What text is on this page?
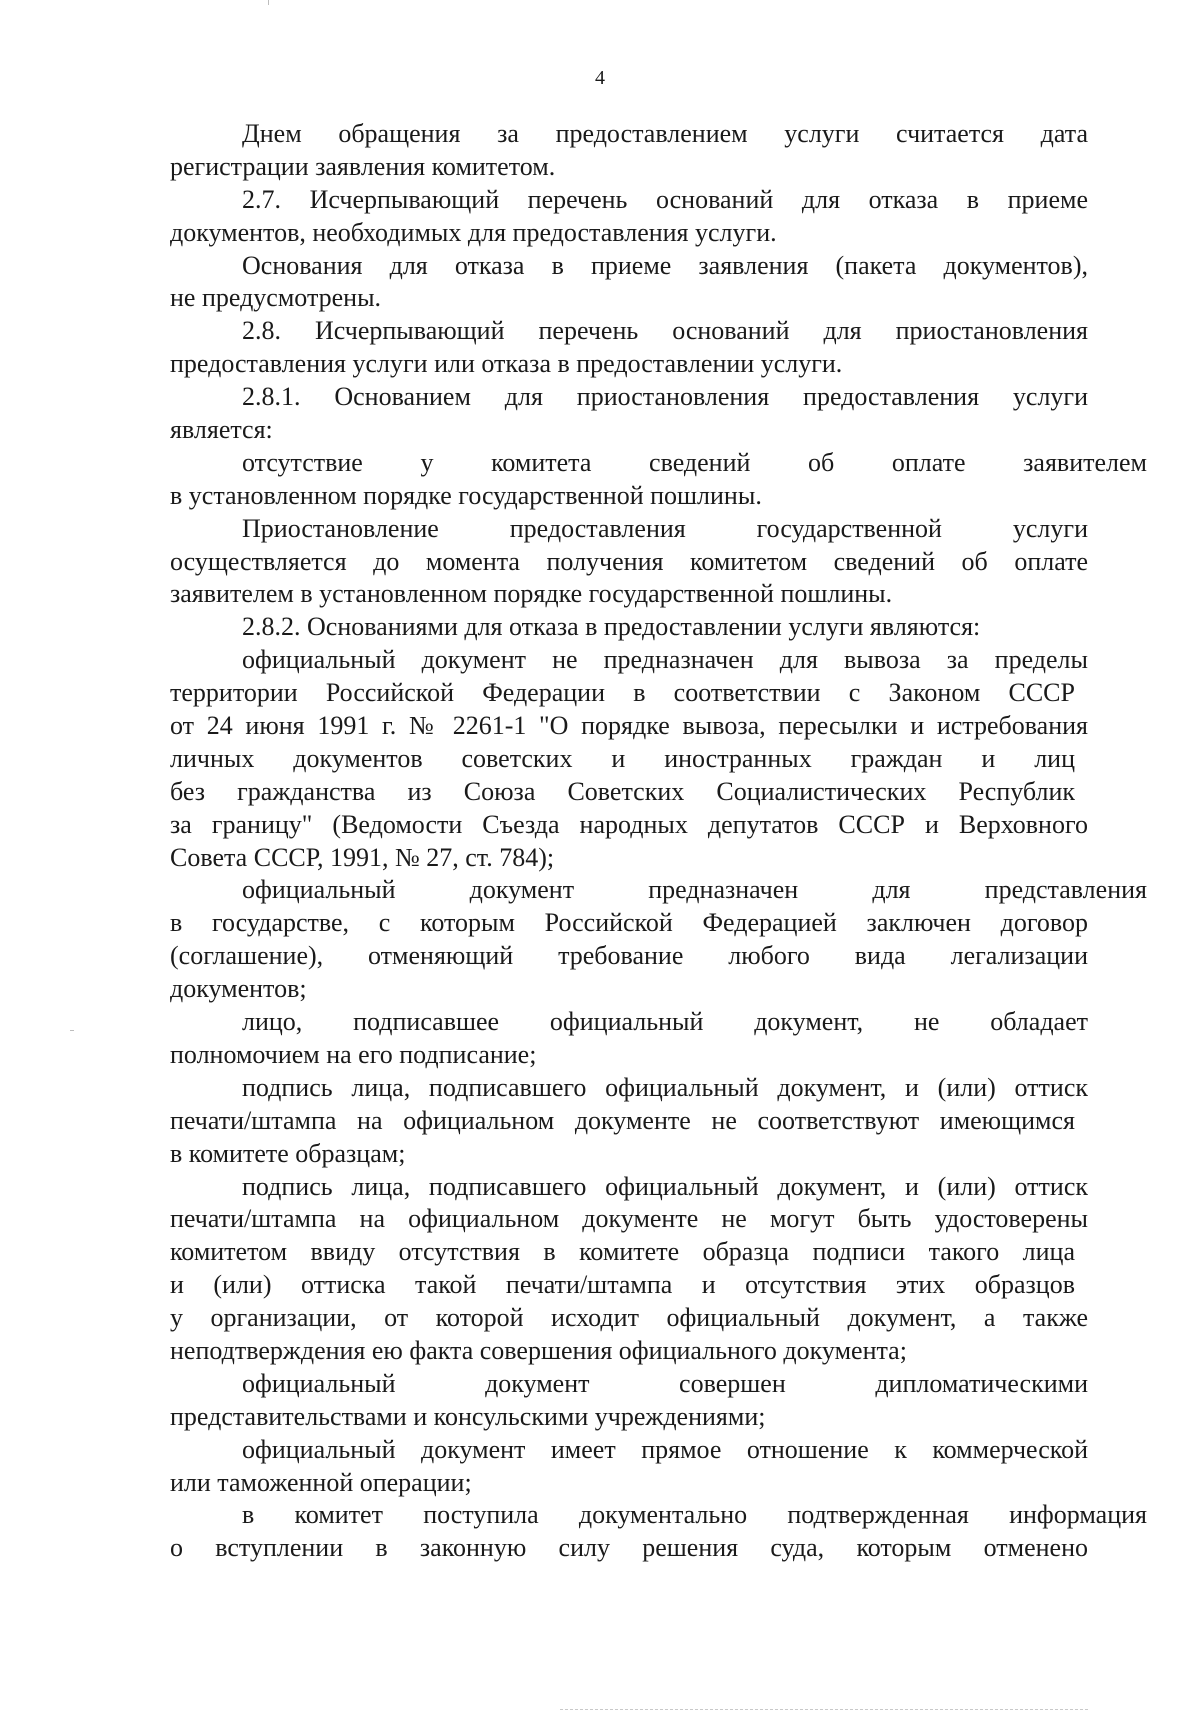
4
Днем обращения за предоставлением услуги считается дата
регистрации заявления комитетом.
2.7. Исчерпывающий перечень оснований для отказа в приеме
документов, необходимых для предоставления услуги.
Основания для отказа в приеме заявления (пакета документов),
не предусмотрены.
2.8. Исчерпывающий перечень оснований для приостановления
предоставления услуги или отказа в предоставлении услуги.
2.8.1. Основанием для приостановления предоставления услуги
является:
отсутствие у комитета сведений об оплате заявителем
в установленном порядке государственной пошлины.
Приостановление предоставления государственной услуги
осуществляется до момента получения комитетом сведений об оплате
заявителем в установленном порядке государственной пошлины.
2.8.2. Основаниями для отказа в предоставлении услуги являются:
официальный документ не предназначен для вывоза за пределы
территории Российской Федерации в соответствии с Законом СССР
от 24 июня 1991 г. № 2261-1 "О порядке вывоза, пересылки и истребования
личных документов советских и иностранных граждан и лиц
без гражданства из Союза Советских Социалистических Республик
за границу" (Ведомости Съезда народных депутатов СССР и Верховного
Совета СССР, 1991, № 27, ст. 784);
официальный документ предназначен для представления
в государстве, с которым Российской Федерацией заключен договор
(соглашение), отменяющий требование любого вида легализации
документов;
лицо, подписавшее официальный документ, не обладает
полномочием на его подписание;
подпись лица, подписавшего официальный документ, и (или) оттиск
печати/штампа на официальном документе не соответствуют имеющимся
в комитете образцам;
подпись лица, подписавшего официальный документ, и (или) оттиск
печати/штампа на официальном документе не могут быть удостоверены
комитетом ввиду отсутствия в комитете образца подписи такого лица
и (или) оттиска такой печати/штампа и отсутствия этих образцов
у организации, от которой исходит официальный документ, а также
неподтверждения ею факта совершения официального документа;
официальный документ совершен дипломатическими
представительствами и консульскими учреждениями;
официальный документ имеет прямое отношение к коммерческой
или таможенной операции;
в комитет поступила документально подтвержденная информация
о вступлении в законную силу решения суда, которым отменено
